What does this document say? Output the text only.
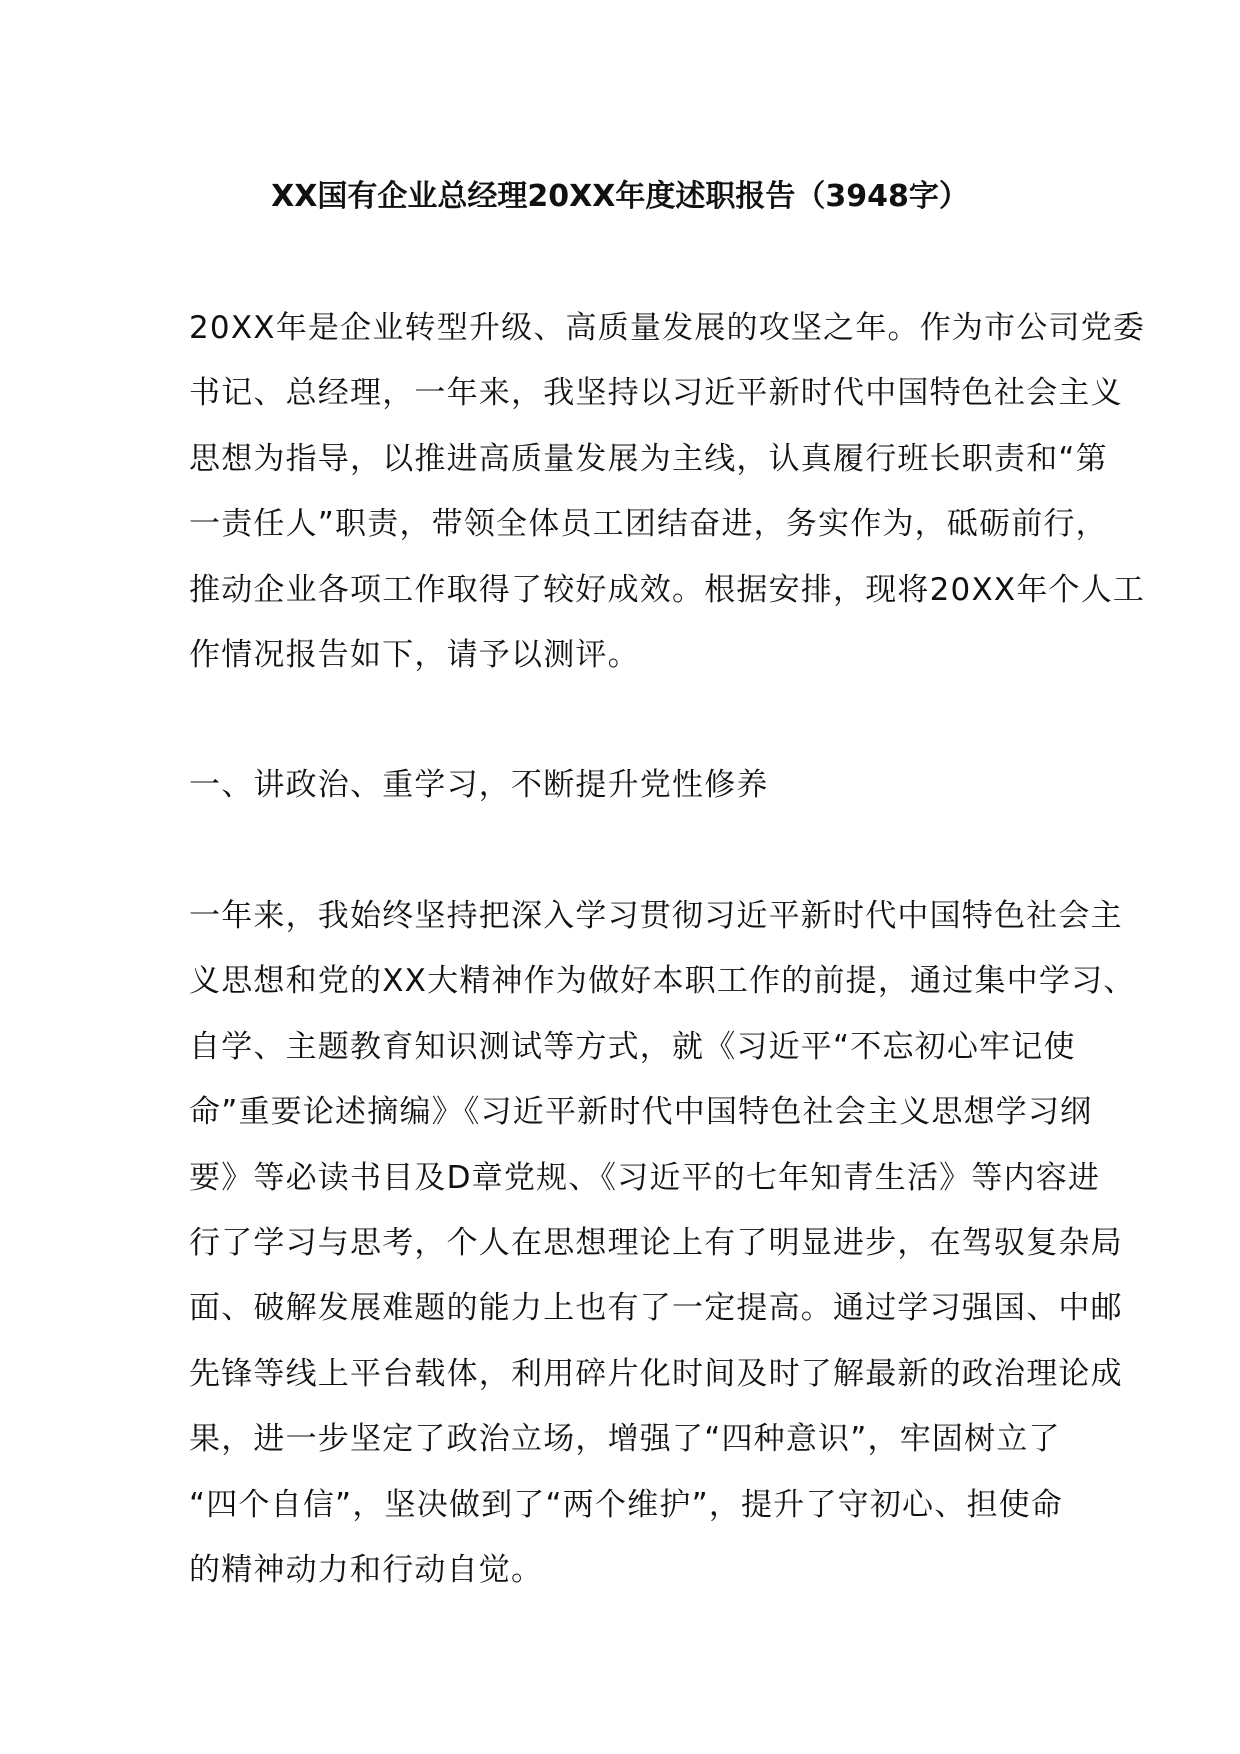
XX国有企业总经理20XX年度述职报告（3948字）
20XX年是企业转型升级、高质量发展的攻坚之年。作为市公司党委
书记、总经理，一年来，我坚持以习近平新时代中国特色社会主义
思想为指导，以推进高质量发展为主线，认真履行班长职责和“第
一责任人”职责，带领全体员工团结奋进，务实作为，砥砺前行，
推动企业各项工作取得了较好成效。根据安排，现将20XX年个人工
作情况报告如下，请予以测评。
一、讲政治、重学习，不断提升党性修养
一年来，我始终坚持把深入学习贯彻习近平新时代中国特色社会主
义思想和党的XX大精神作为做好本职工作的前提，通过集中学习、
自学、主题教育知识测试等方式，就《习近平“不忘初心牢记使
命”重要论述摘编》《习近平新时代中国特色社会主义思想学习纲
要》等必读书目及D章党规、《习近平的七年知青生活》等内容进
行了学习与思考，个人在思想理论上有了明显进步，在驾驭复杂局
面、破解发展难题的能力上也有了一定提高。通过学习强国、中邮
先锋等线上平台载体，利用碎片化时间及时了解最新的政治理论成
果，进一步坚定了政治立场，增强了“四种意识”，牢固树立了
“四个自信”，坚决做到了“两个维护”，提升了守初心、担使命
的精神动力和行动自觉。
